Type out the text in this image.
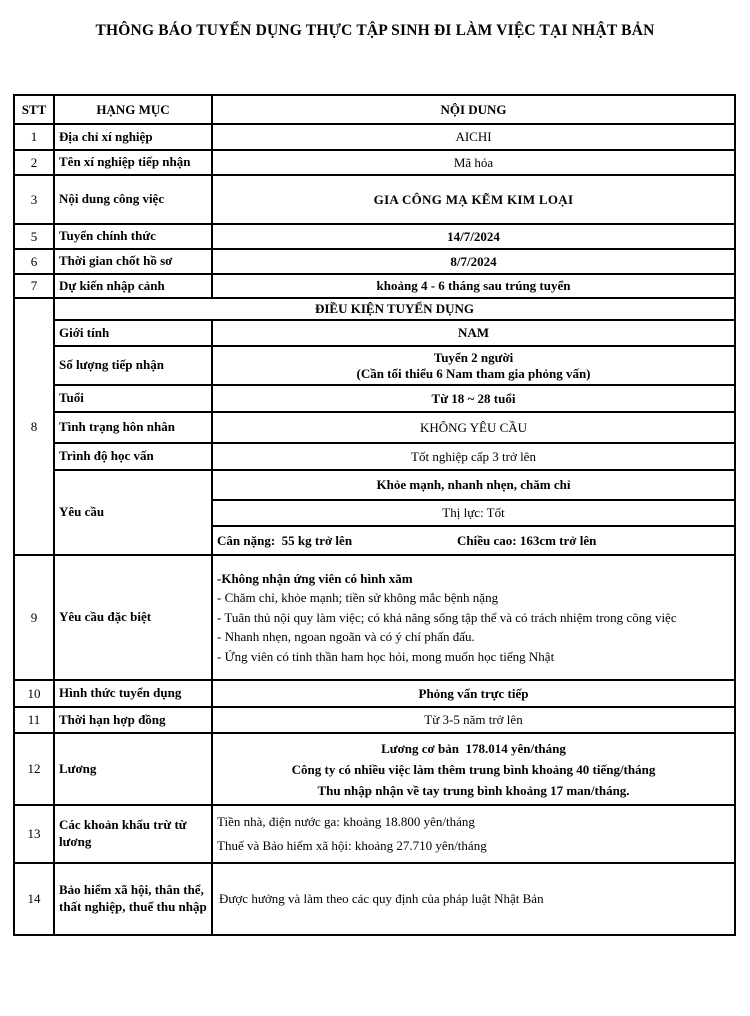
THÔNG BÁO TUYỂN DỤNG THỰC TẬP SINH ĐI LÀM VIỆC TẠI NHẬT BẢN
STT	HẠNG MỤC	NỘI DUNG
1	Địa chỉ xí nghiệp	AICHI
2	Tên xí nghiệp tiếp nhận	Mã hóa
3	Nội dung công việc	GIA CÔNG MẠ KẼM KIM LOẠI
5	Tuyển chính thức	14/7/2024
6	Thời gian chốt hồ sơ	8/7/2024
7	Dự kiến nhập cảnh	khoảng 4 - 6 tháng sau trúng tuyển
8	ĐIỀU KIỆN TUYỂN DỤNG	
	Giới tính	NAM
	Số lượng tiếp nhận	Tuyển 2 người
(Cần tối thiểu 6 Nam tham gia phỏng vấn)

	Tuổi	Từ 18 ~ 28 tuổi
	Tình trạng hôn nhân	KHÔNG YÊU CẦU
	Trình độ học vấn	Tốt nghiệp cấp 3 trở lên
	Yêu cầu	Khỏe mạnh, nhanh nhẹn, chăm chỉ
		Thị lực: Tốt

		Cân nặng:  55 kg trở lên Chiều cao: 163cm trở lên

9	Yêu cầu đặc biệt	-Không nhận ứng viên có hình xăm
- Chăm chỉ, khỏe mạnh; tiền sử không mắc bệnh nặng
- Tuân thủ nội quy làm việc; có khả năng sống tập thể và có trách nhiệm trong công việc
- Nhanh nhẹn, ngoan ngoãn và có ý chí phấn đấu.
- Ứng viên có tinh thần ham học hỏi, mong muốn học tiếng Nhật

10	Hình thức tuyển dụng	Phỏng vấn trực tiếp
11	Thời hạn hợp đồng	Từ 3-5 năm trở lên
12	Lương	Lương cơ bản  178.014 yên/tháng
Công ty có nhiều việc làm thêm trung bình khoảng 40 tiếng/tháng
Thu nhập nhận về tay trung bình khoảng 17 man/tháng.

13	Các khoản khấu trừ từ lương	Tiền nhà, điện nước ga: khoảng 18.800 yên/tháng
Thuế và Bảo hiểm xã hội: khoảng 27.710 yên/tháng

14	Bảo hiểm xã hội, thân thể, thất nghiệp, thuế thu nhập	Được hưởng và làm theo các quy định của pháp luật Nhật Bản
